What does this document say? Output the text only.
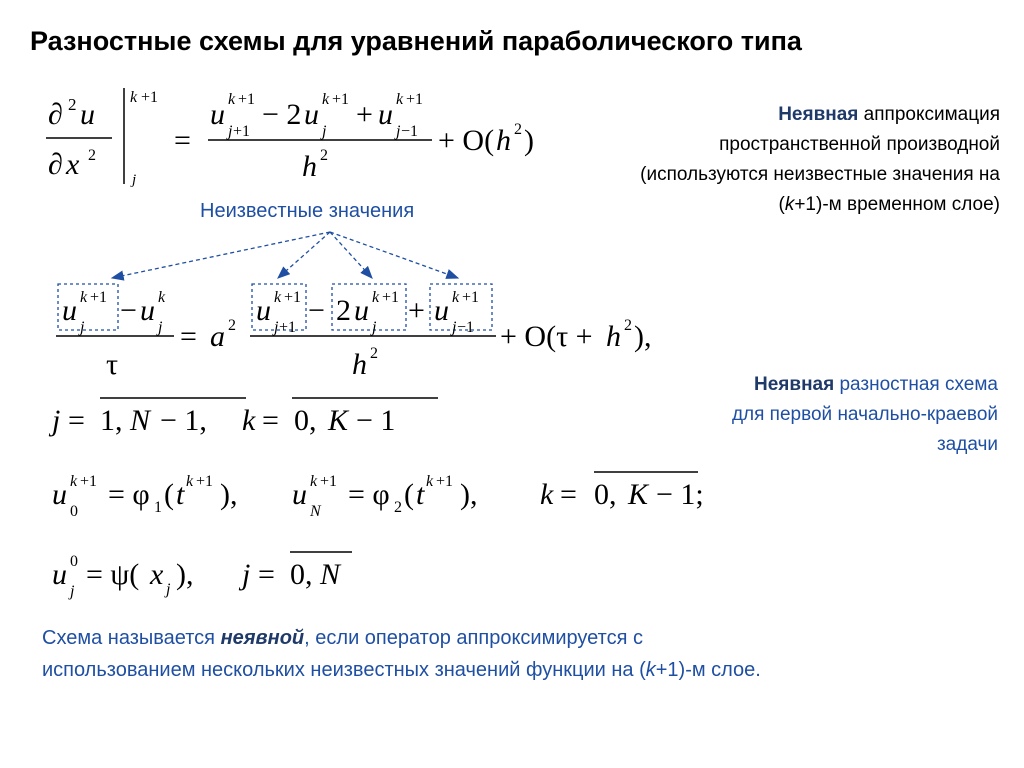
Разностные схемы для уравнений параболического типа
∂ 2 u
∂ x 2
k +1
j
=
u k +1
j +1
− 2 u k +1
j
+ u k +1
j −1
h 2	+ O( h 2 )
Неявная аппроксимация
пространственной производной
(используются неизвестные значения на
(k+1)-м временном слое)
Неизвестные значения
u k +1
j
− u k
j
τ
= a 2 u k +1
j +1
− 2 u k +1
j
+ u k +1
j −1
h 2
+ O(τ + h 2 ),
Неявная разностная схема
для первой начально-краевой
задачи
j = 1, N − 1, k = 0, K − 1
u k +1
0
= φ 1 ( t k +1 ), u k +1
N
= φ 2 ( t k +1 ), k = 0, K − 1;
u 0
j
= ψ( x j ), j = 0, N
Схема называется неявной, если оператор аппроксимируется с
использованием нескольких неизвестных значений функции на (k+1)-м слое.
